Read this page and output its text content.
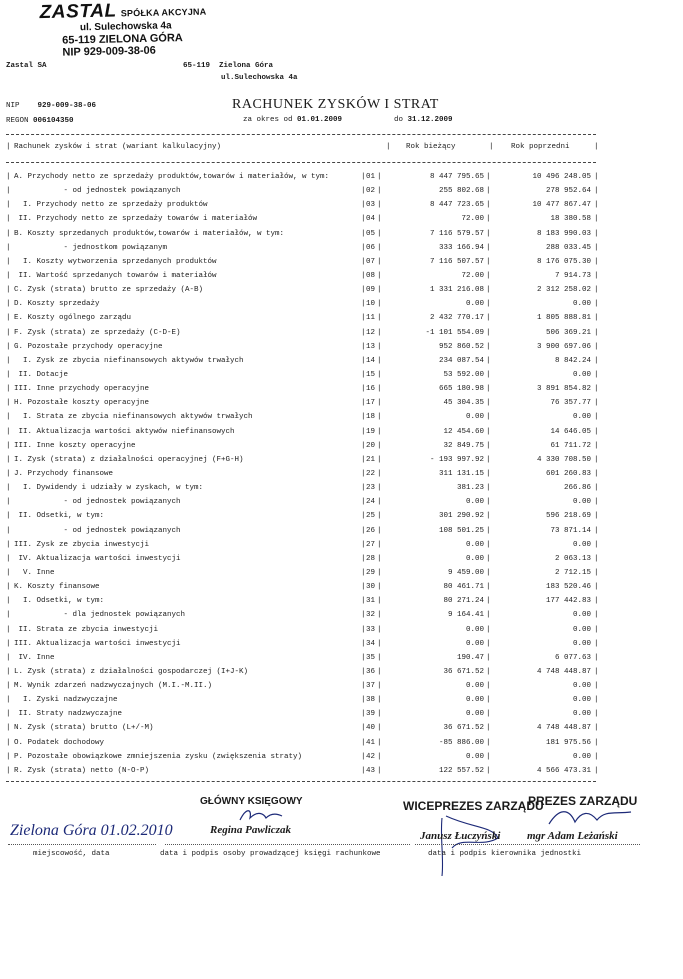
ZASTAL SPÓŁKA AKCYJNA
ul. Sulechowska 4a
65-119 ZIELONA GÓRA
NIP 929-009-38-06
Zastal SA	65-119  Zielona Góra
ul.Sulechowska 4a
NIP 929-009-38-06
REGON 006104350
RACHUNEK ZYSKÓW I STRAT
za okres od 01.01.2009	do 31.12.2009
| Rachunek zysków i strat (wariant kalkulacyjny)	| Rok bieżący	| Rok poprzedni	|
| A. Przychody netto ze sprzedaży produktów,towarów i materiałów, w tym:	| 01 |	8 447 795.65 |	10 496 248.05 |
| - od jednostek powiązanych	| 02 |	255 802.68 |	278 952.64 |
| I. Przychody netto ze sprzedaży produktów	| 03 |	8 447 723.65 |	10 477 867.47 |
| II. Przychody netto ze sprzedaży towarów i materiałów	| 04 |	72.00 |	18 380.58 |
| B. Koszty sprzedanych produktów,towarów i materiałów, w tym:	| 05 |	7 116 579.57 |	8 183 990.03 |
| - jednostkom powiązanym	| 06 |	333 166.94 |	288 033.45 |
| I. Koszty wytworzenia sprzedanych produktów	| 07 |	7 116 507.57 |	8 176 075.30 |
| II. Wartość sprzedanych towarów i materiałów	| 08 |	72.00 |	7 914.73 |
| C. Zysk (strata) brutto ze sprzedaży (A-B)	| 09 |	1 331 216.08 |	2 312 258.02 |
| D. Koszty sprzedaży	| 10 |	0.00 |	0.00 |
| E. Koszty ogólnego zarządu	| 11 |	2 432 770.17 |	1 805 888.81 |
| F. Zysk (strata) ze sprzedaży (C-D-E)	| 12 |	-1 101 554.09 |	506 369.21 |
| G. Pozostałe przychody operacyjne	| 13 |	952 860.52 |	3 900 697.06 |
| I. Zysk ze zbycia niefinansowych aktywów trwałych	| 14 |	234 087.54 |	8 842.24 |
| II. Dotacje	| 15 |	53 592.00 |	0.00 |
| III. Inne przychody operacyjne	| 16 |	665 180.98 |	3 891 854.82 |
| H. Pozostałe koszty operacyjne	| 17 |	45 304.35 |	76 357.77 |
| I. Strata ze zbycia niefinansowych aktywów trwałych	| 18 |	0.00 |	0.00 |
| II. Aktualizacja wartości aktywów niefinansowych	| 19 |	12 454.60 |	14 646.05 |
| III. Inne koszty operacyjne	| 20 |	32 849.75 |	61 711.72 |
| I. Zysk (strata) z działalności operacyjnej (F+G-H)	| 21 |	- 193 997.92 |	4 330 708.50 |
| J. Przychody finansowe	| 22 |	311 131.15 |	601 260.83 |
| I. Dywidendy i udziały w zyskach, w tym:	| 23 |	381.23 |	266.86 |
| - od jednostek powiązanych	| 24 |	0.00 |	0.00 |
| II. Odsetki, w tym:	| 25 |	301 290.92 |	596 218.69 |
| - od jednostek powiązanych	| 26 |	108 501.25 |	73 871.14 |
| III. Zysk ze zbycia inwestycji	| 27 |	0.00 |	0.00 |
| IV. Aktualizacja wartości inwestycji	| 28 |	0.00 |	2 063.13 |
| V. Inne	| 29 |	9 459.00 |	2 712.15 |
| K. Koszty finansowe	| 30 |	80 461.71 |	183 520.46 |
| I. Odsetki, w tym:	| 31 |	80 271.24 |	177 442.83 |
| - dla jednostek powiązanych	| 32 |	9 164.41 |	0.00 |
| II. Strata ze zbycia inwestycji	| 33 |	0.00 |	0.00 |
| III. Aktualizacja wartości inwestycji	| 34 |	0.00 |	0.00 |
| IV. Inne	| 35 |	190.47 |	6 077.63 |
| L. Zysk (strata) z działalności gospodarczej (I+J-K)	| 36 |	36 671.52 |	4 748 448.87 |
| M. Wynik zdarzeń nadzwyczajnych (M.I.-M.II.)	| 37 |	0.00 |	0.00 |
| I. Zyski nadzwyczajne	| 38 |	0.00 |	0.00 |
| II. Straty nadzwyczajne	| 39 |	0.00 |	0.00 |
| N. Zysk (strata) brutto (L+/-M)	| 40 |	36 671.52 |	4 748 448.87 |
| O. Podatek dochodowy	| 41 |	-85 886.00 |	181 975.56 |
| P. Pozostałe obowiązkowe zmniejszenia zysku (zwiększenia straty)	| 42 |	0.00 |	0.00 |
| R. Zysk (strata) netto (N-O-P)	| 43 |	122 557.52 |	4 566 473.31 |
Zielona Góra 01.02.2010
GŁÓWNY KSIĘGOWY
Regina Pawliczak
WICEPREZES ZARZĄDU
Janusz Łuczyński
PREZES ZARZĄDU
mgr Adam Leżański
miejscowość, data	data i podpis osoby prowadzącej księgi rachunkowe	data i podpis kierownika jednostki
